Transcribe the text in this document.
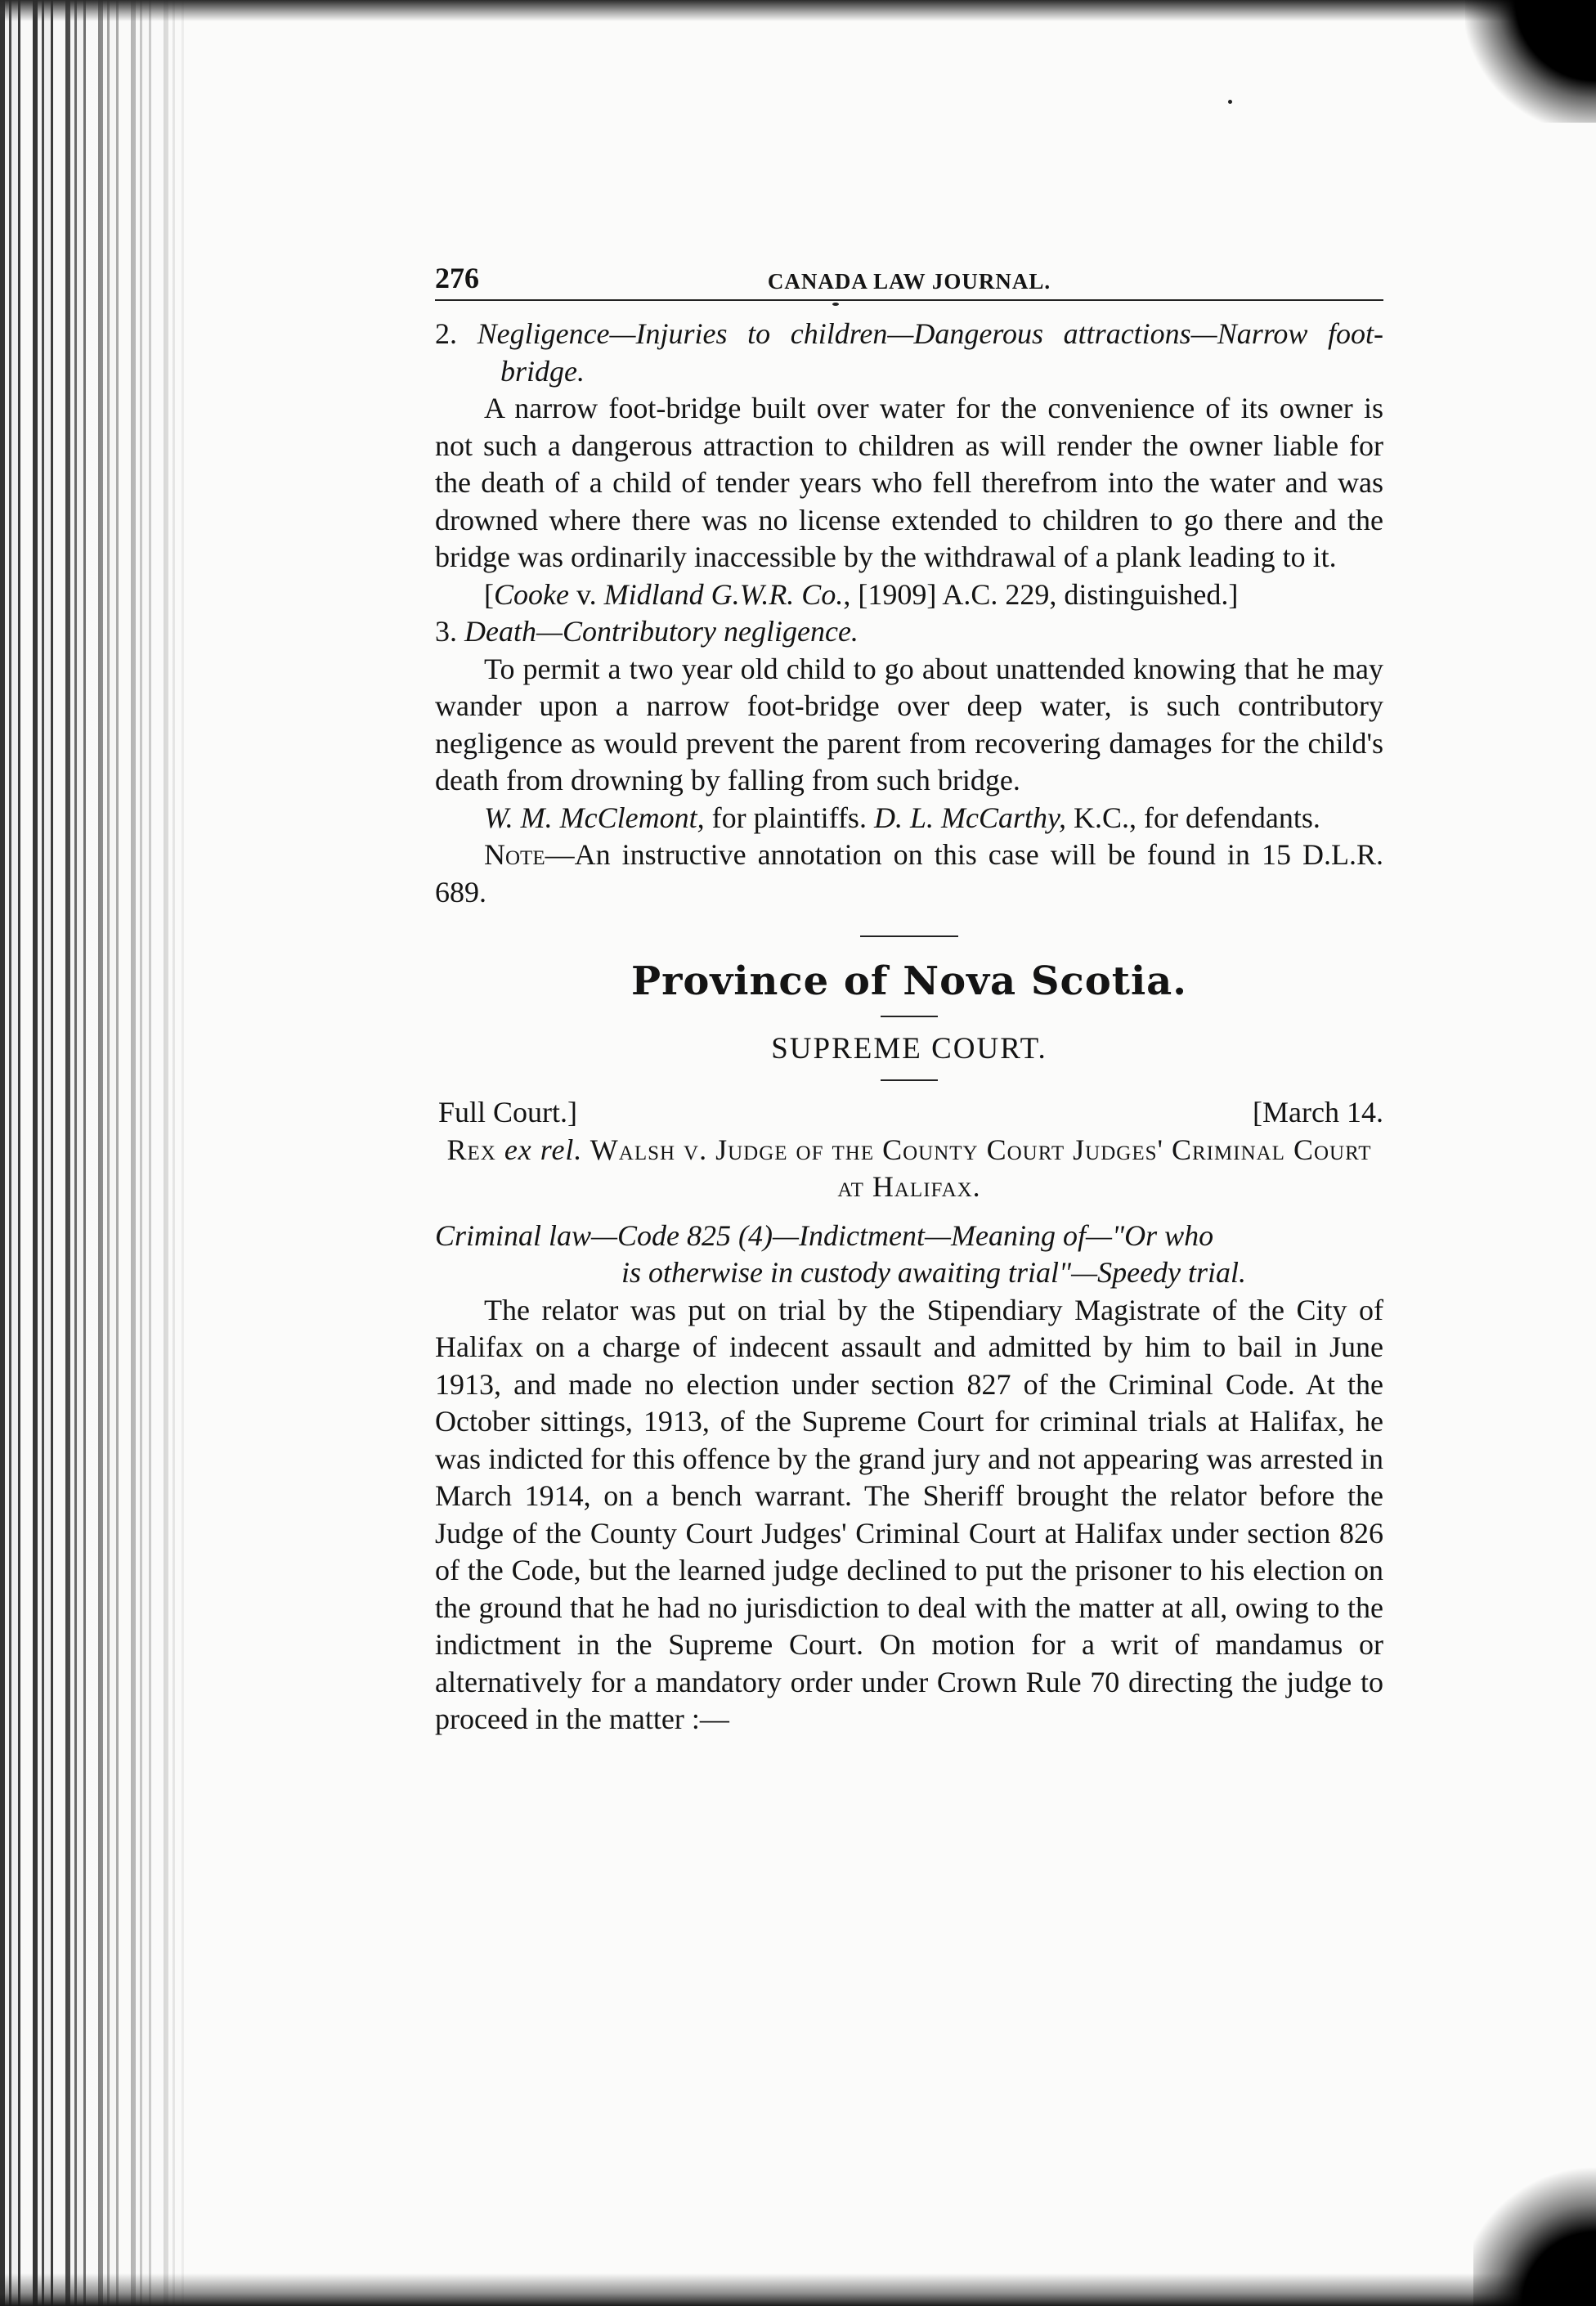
276	CANADA LAW JOURNAL.

2. Negligence—Injuries to children—Dangerous attractions—Narrow foot-bridge.

A narrow foot-bridge built over water for the convenience of its owner is not such a dangerous attraction to children as will render the owner liable for the death of a child of tender years who fell therefrom into the water and was drowned where there was no license extended to children to go there and the bridge was ordinarily inaccessible by the withdrawal of a plank leading to it.

[Cooke v. Midland G.W.R. Co., [1909] A.C. 229, distinguished.]

3. Death—Contributory negligence.

To permit a two year old child to go about unattended knowing that he may wander upon a narrow foot-bridge over deep water, is such contributory negligence as would prevent the parent from recovering damages for the child's death from drowning by falling from such bridge.

W. M. McClemont, for plaintiffs. D. L. McCarthy, K.C., for defendants.

Note—An instructive annotation on this case will be found in 15 D.L.R. 689.

Province of Nova Scotia.
SUPREME COURT.
Full Court.]	[March 14.

Rex ex rel. Walsh v. Judge of the County Court Judges' Criminal Court at Halifax.

Criminal law—Code 825 (4)—Indictment—Meaning of—"Or who
is otherwise in custody awaiting trial"—Speedy trial.

The relator was put on trial by the Stipendiary Magistrate of the City of Halifax on a charge of indecent assault and admitted by him to bail in June 1913, and made no election under section 827 of the Criminal Code. At the October sittings, 1913, of the Supreme Court for criminal trials at Halifax, he was indicted for this offence by the grand jury and not appearing was arrested in March 1914, on a bench warrant. The Sheriff brought the relator before the Judge of the County Court Judges' Criminal Court at Halifax under section 826 of the Code, but the learned judge declined to put the prisoner to his election on the ground that he had no jurisdiction to deal with the matter at all, owing to the indictment in the Supreme Court. On motion for a writ of mandamus or alternatively for a mandatory order under Crown Rule 70 directing the judge to proceed in the matter :—
